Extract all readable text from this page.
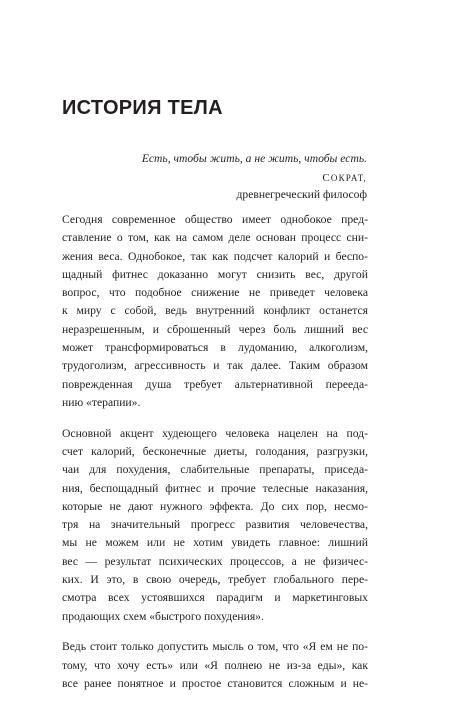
ИСТОРИЯ ТЕЛА
Есть, чтобы жить, а не жить, чтобы есть.
СОКРАТ,
древнегреческий философ

Сегодня современное общество имеет однобокое пред-
ставление о том, как на самом деле основан процесс сни-
жения веса. Однобокое, так как подсчет калорий и беспо-
щадный фитнес доказанно могут снизить вес, другой
вопрос, что подобное снижение не приведет человека
к миру с собой, ведь внутренний конфликт останется
неразрешенным, и сброшенный через боль лишний вес
может трансформироваться в лудоманию, алкоголизм,
трудоголизм, агрессивность и так далее. Таким образом
поврежденная душа требует альтернативной перееда-
нию «терапии».

Основной акцент худеющего человека нацелен на под-
счет калорий, бесконечные диеты, голодания, разгрузки,
чаи для похудения, слабительные препараты, приседа-
ния, беспощадный фитнес и прочие телесные наказания,
которые не дают нужного эффекта. До сих пор, несмо-
тря на значительный прогресс развития человечества,
мы не можем или не хотим увидеть главное: лишний
вес — результат психических процессов, а не физичес-
ких. И это, в свою очередь, требует глобального пере-
смотра всех устоявшихся парадигм и маркетинговых
продающих схем «быстрого похудения».

Ведь стоит только допустить мысль о том, что «Я ем не по-
тому, что хочу есть» или «Я полнею не из-за еды», как
все ранее понятное и простое становится сложным и не-
